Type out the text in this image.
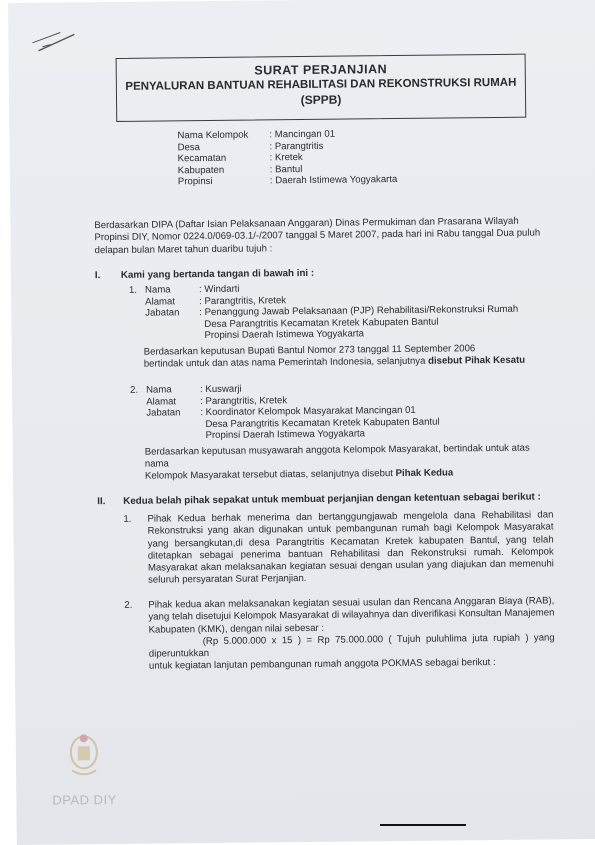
SURAT PERJANJIAN
PENYALURAN BANTUAN REHABILITASI DAN REKONSTRUKSI RUMAH
(SPPB)
Nama Kelompok	: Mancingan 01
Desa	: Parangtritis
Kecamatan	: Kretek
Kabupaten	: Bantul
Propinsi	: Daerah Istimewa Yogyakarta
Berdasarkan DIPA (Daftar Isian Pelaksanaan Anggaran) Dinas Permukiman dan Prasarana Wilayah Propinsi DIY, Nomor 0224.0/069-03.1/-/2007 tanggal 5 Maret 2007, pada hari ini Rabu tanggal Dua puluh delapan bulan Maret tahun duaribu tujuh :
I. Kami yang bertanda tangan di bawah ini :
1. Nama	: Windarti
Alamat	: Parangtritis, Kretek
Jabatan	: Penanggung Jawab Pelaksanaan (PJP) Rehabilitasi/Rekonstruksi Rumah
Desa Parangtritis Kecamatan Kretek Kabupaten Bantul
Propinsi Daerah Istimewa Yogyakarta
Berdasarkan keputusan Bupati Bantul Nomor 273 tanggal 11 September 2006
bertindak untuk dan atas nama Pemerintah Indonesia, selanjutnya disebut Pihak Kesatu
2. Nama	: Kuswarji
Alamat	: Parangtritis, Kretek
Jabatan	: Koordinator Kelompok Masyarakat Mancingan 01
Desa Parangtritis Kecamatan Kretek Kabupaten Bantul
Propinsi Daerah Istimewa Yogyakarta
Berdasarkan keputusan musyawarah anggota Kelompok Masyarakat, bertindak untuk atas nama
Kelompok Masyarakat tersebut diatas, selanjutnya disebut Pihak Kedua
II. Kedua belah pihak sepakat untuk membuat perjanjian dengan ketentuan sebagai berikut :
1.	Pihak Kedua berhak menerima dan bertanggungjawab mengelola dana Rehabilitasi dan Rekonstruksi yang akan digunakan untuk pembangunan rumah bagi Kelompok Masyarakat yang bersangkutan,di desa Parangtritis Kecamatan Kretek kabupaten Bantul, yang telah ditetapkan sebagai penerima bantuan Rehabilitasi dan Rekonstruksi rumah. Kelompok Masyarakat akan melaksanakan kegiatan sesuai dengan usulan yang diajukan dan memenuhi seluruh persyaratan Surat Perjanjian.
2.	Pihak kedua akan melaksanakan kegiatan sesuai usulan dan Rencana Anggaran Biaya (RAB), yang telah disetujui Kelompok Masyarakat di wilayahnya dan diverifikasi Konsultan Manajemen Kabupaten (KMK), dengan nilai sebesar :
(Rp 5.000.000 x 15 ) = Rp 75.000.000 ( Tujuh puluhlima juta rupiah ) yang diperuntukkan
untuk kegiatan lanjutan pembangunan rumah anggota POKMAS sebagai berikut :
DPAD DIY
